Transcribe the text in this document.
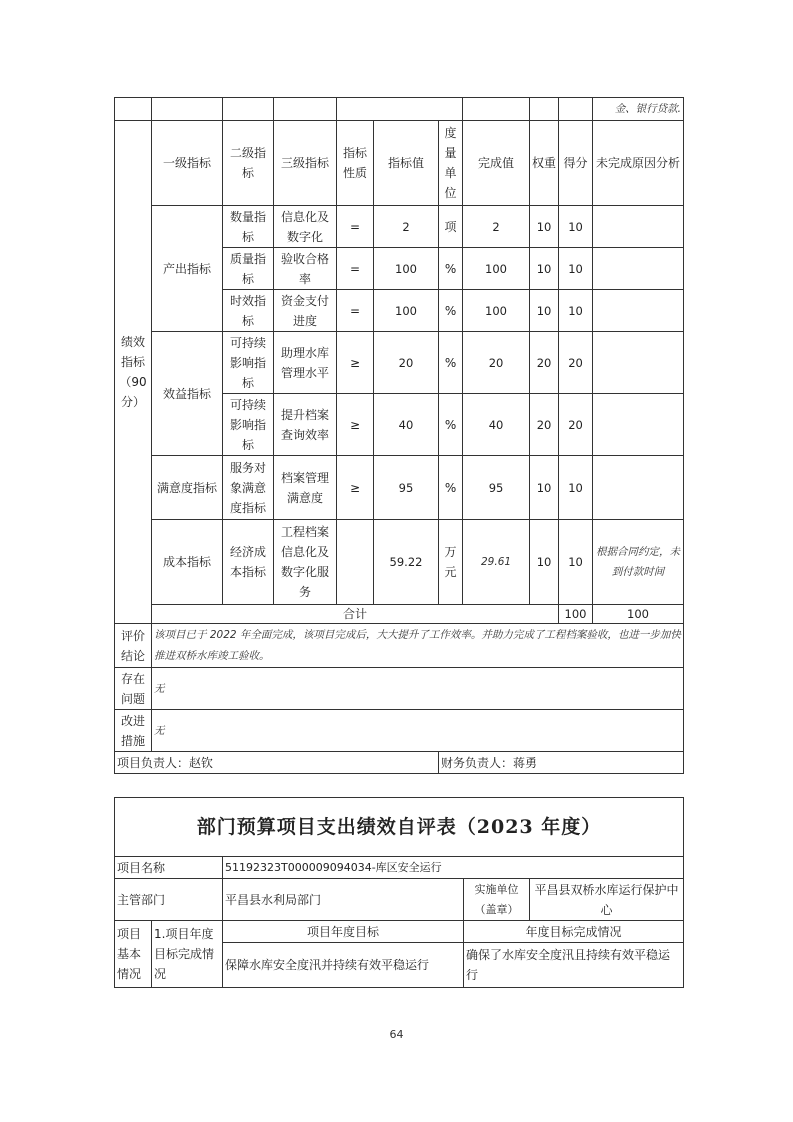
										金、银行贷款.	
绩效指标（90分）	一级指标	二级指标	三级指标	指标性质	指标值	度量单位	完成值	权重	得分	未完成原因分析	
	产出指标	数量指标	信息化及数字化	=	2	项	2	10	10		
		质量指标	验收合格率	=	100	%	100	10	10		
		时效指标	资金支付进度	=	100	%	100	10	10		
	效益指标	可持续影响指标	助理水库管理水平	≥	20	%	20	20	20		
		可持续影响指标	提升档案查询效率	≥	40	%	40	20	20		
	满意度指标	服务对象满意度指标	档案管理满意度	≥	95	%	95	10	10		
	成本指标	经济成本指标	工程档案信息化及数字化服务		59.22	万元	29.61	10	10	根据合同约定，未到付款时间	
	合计								100	100	
评价结论	该项目已于 2022 年全面完成，该项目完成后，大大提升了工作效率。并助力完成了工程档案验收，也进一步加快推进双桥水库竣工验收。										
存在问题	无										
改进措施	无										
项目负责人：赵钦						财务负责人：蒋勇					
部门预算项目支出绩效自评表（2023 年度）				
项目名称		51192323T000009094034-库区安全运行		
主管部门		平昌县水利局部门	实施单位（盖章）	平昌县双桥水库运行保护中心
项目基本情况	1.项目年度目标完成情况	项目年度目标	年度目标完成情况	
		保障水库安全度汛并持续有效平稳运行	确保了水库安全度汛且持续有效平稳运行	
64
